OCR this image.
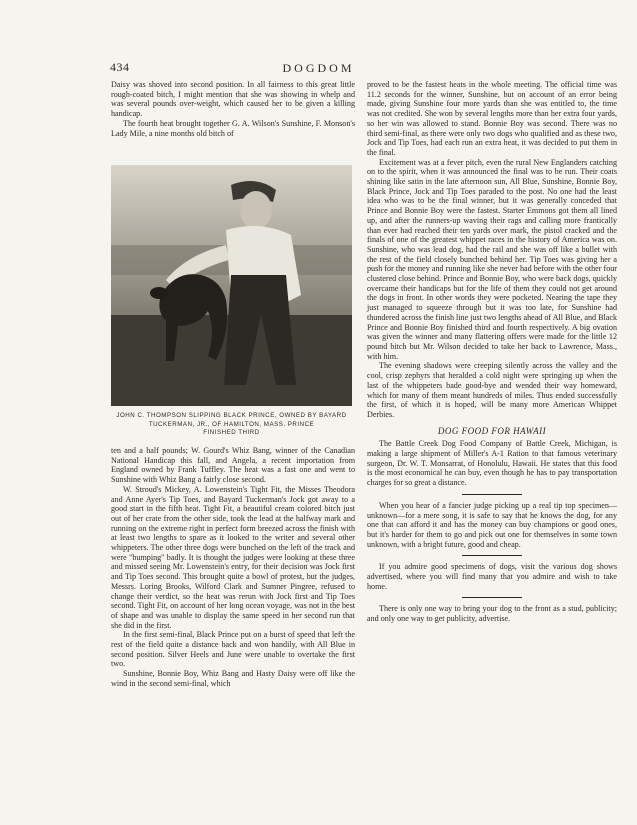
434	DOGDOM

Daisy was shoved into second position. In all fairness to this great little rough-coated bitch, I might mention that she was showing in whelp and was several pounds over-weight, which caused her to be given a killing handicap.

The fourth heat brought together G. A. Wilson's Sunshine, F. Monson's Lady Mile, a nine months old bitch of

JOHN C. THOMPSON SLIPPING BLACK PRINCE, OWNED BY BAYARD
TUCKERMAN, JR., OF HAMILTON, MASS. PRINCE
FINISHED THIRD

ten and a half pounds; W. Gourd's Whiz Bang, winner of the Canadian National Handicap this fall, and Angela, a recent importation from England owned by Frank Tuffley. The heat was a fast one and went to Sunshine with Whiz Bang a fairly close second.

W. Stroud's Mickey, A. Lowenstein's Tight Fit, the Misses Theodora and Anne Ayer's Tip Toes, and Bayard Tuckerman's Jock got away to a good start in the fifth heat. Tight Fit, a beautiful cream colored bitch just out of her crate from the other side, took the lead at the halfway mark and running on the extreme right in perfect form breezed across the finish with at least two lengths to spare as it looked to the writer and several other whippeters. The other three dogs were bunched on the left of the track and were "bumping" badly. It is thought the judges were looking at these three and missed seeing Mr. Lowenstein's entry, for their decision was Jock first and Tip Toes second. This brought quite a bowl of protest, but the judges, Messrs. Loring Brooks, Wilford Clark and Sumner Pingree, refused to change their verdict, so the heat was rerun with Jock first and Tip Toes second. Tight Fit, on account of her long ocean voyage, was not in the best of shape and was unable to display the same speed in her second run that she did in the first.

In the first semi-final, Black Prince put on a burst of speed that left the rest of the field quite a distance back and won handily, with All Blue in second position. Silver Heels and June were unable to overtake the first two.

Sunshine, Bonnie Boy, Whiz Bang and Hasty Daisy were off like the wind in the second semi-final, which

proved to be the fastest heats in the whole meeting. The official time was 11.2 seconds for the winner, Sunshine, but on account of an error being made, giving Sunshine four more yards than she was entitled to, the time was not credited. She won by several lengths more than her extra four yards, so her win was allowed to stand. Bonnie Boy was second. There was no third semi-final, as there were only two dogs who qualified and as these two, Jock and Tip Toes, had each run an extra heat, it was decided to put them in the final.

Excitement was at a fever pitch, even the rural New Englanders catching on to the spirit, when it was announced the final was to be run. Their coats shining like satin in the late afternoon sun, All Blue, Sunshine, Bonnie Boy, Black Prince, Jock and Tip Toes paraded to the post. No one had the least idea who was to be the final winner, but it was generally conceded that Prince and Bonnie Boy were the fastest. Starter Emmons got them all lined up, and after the runners-up waving their rags and calling more frantically than ever had reached their ten yards over mark, the pistol cracked and the finals of one of the greatest whippet races in the history of America was on. Sunshine, who was lead dog, had the rail and she was off like a bullet with the rest of the field closely bunched behind her. Tip Toes was giving her a push for the money and running like she never had before with the other four clustered close behind. Prince and Bonnie Boy, who were back dogs, quickly overcame their handicaps but for the life of them they could not get around the dogs in front. In other words they were pocketed. Nearing the tape they just managed to squeeze through but it was too late, for Sunshine had thundered across the finish line just two lengths ahead of All Blue, and Black Prince and Bonnie Boy finished third and fourth respectively. A big ovation was given the winner and many flattering offers were made for the little 12 pound bitch but Mr. Wilson decided to take her back to Lawrence, Mass., with him.

The evening shadows were creeping silently across the valley and the cool, crisp zephyrs that heralded a cold night were springing up when the last of the whippeters bade good-bye and wended their way homeward, which for many of them meant hundreds of miles. Thus ended successfully the first, of which it is hoped, will be many more American Whippet Derbies.

DOG FOOD FOR HAWAII

The Battle Creek Dog Food Company of Battle Creek, Michigan, is making a large shipment of Miller's A-1 Ration to that famous veterinary surgeon, Dr. W. T. Monsarrat, of Honolulu, Hawaii. He states that this food is the most economical he can buy, even though he has to pay transportation charges for so great a distance.

When you hear of a fancier judge picking up a real tip top specimen—unknown—for a mere song, it is safe to say that he knows the dog, for any one that can afford it and has the money can buy champions or good ones, but it's harder for them to go and pick out one for themselves in some town unknown, with a bright future, good and cheap.

If you admire good specimens of dogs, visit the various dog shows advertised, where you will find many that you admire and wish to take home.

There is only one way to bring your dog to the front as a stud, publicity; and only one way to get publicity, advertise.
